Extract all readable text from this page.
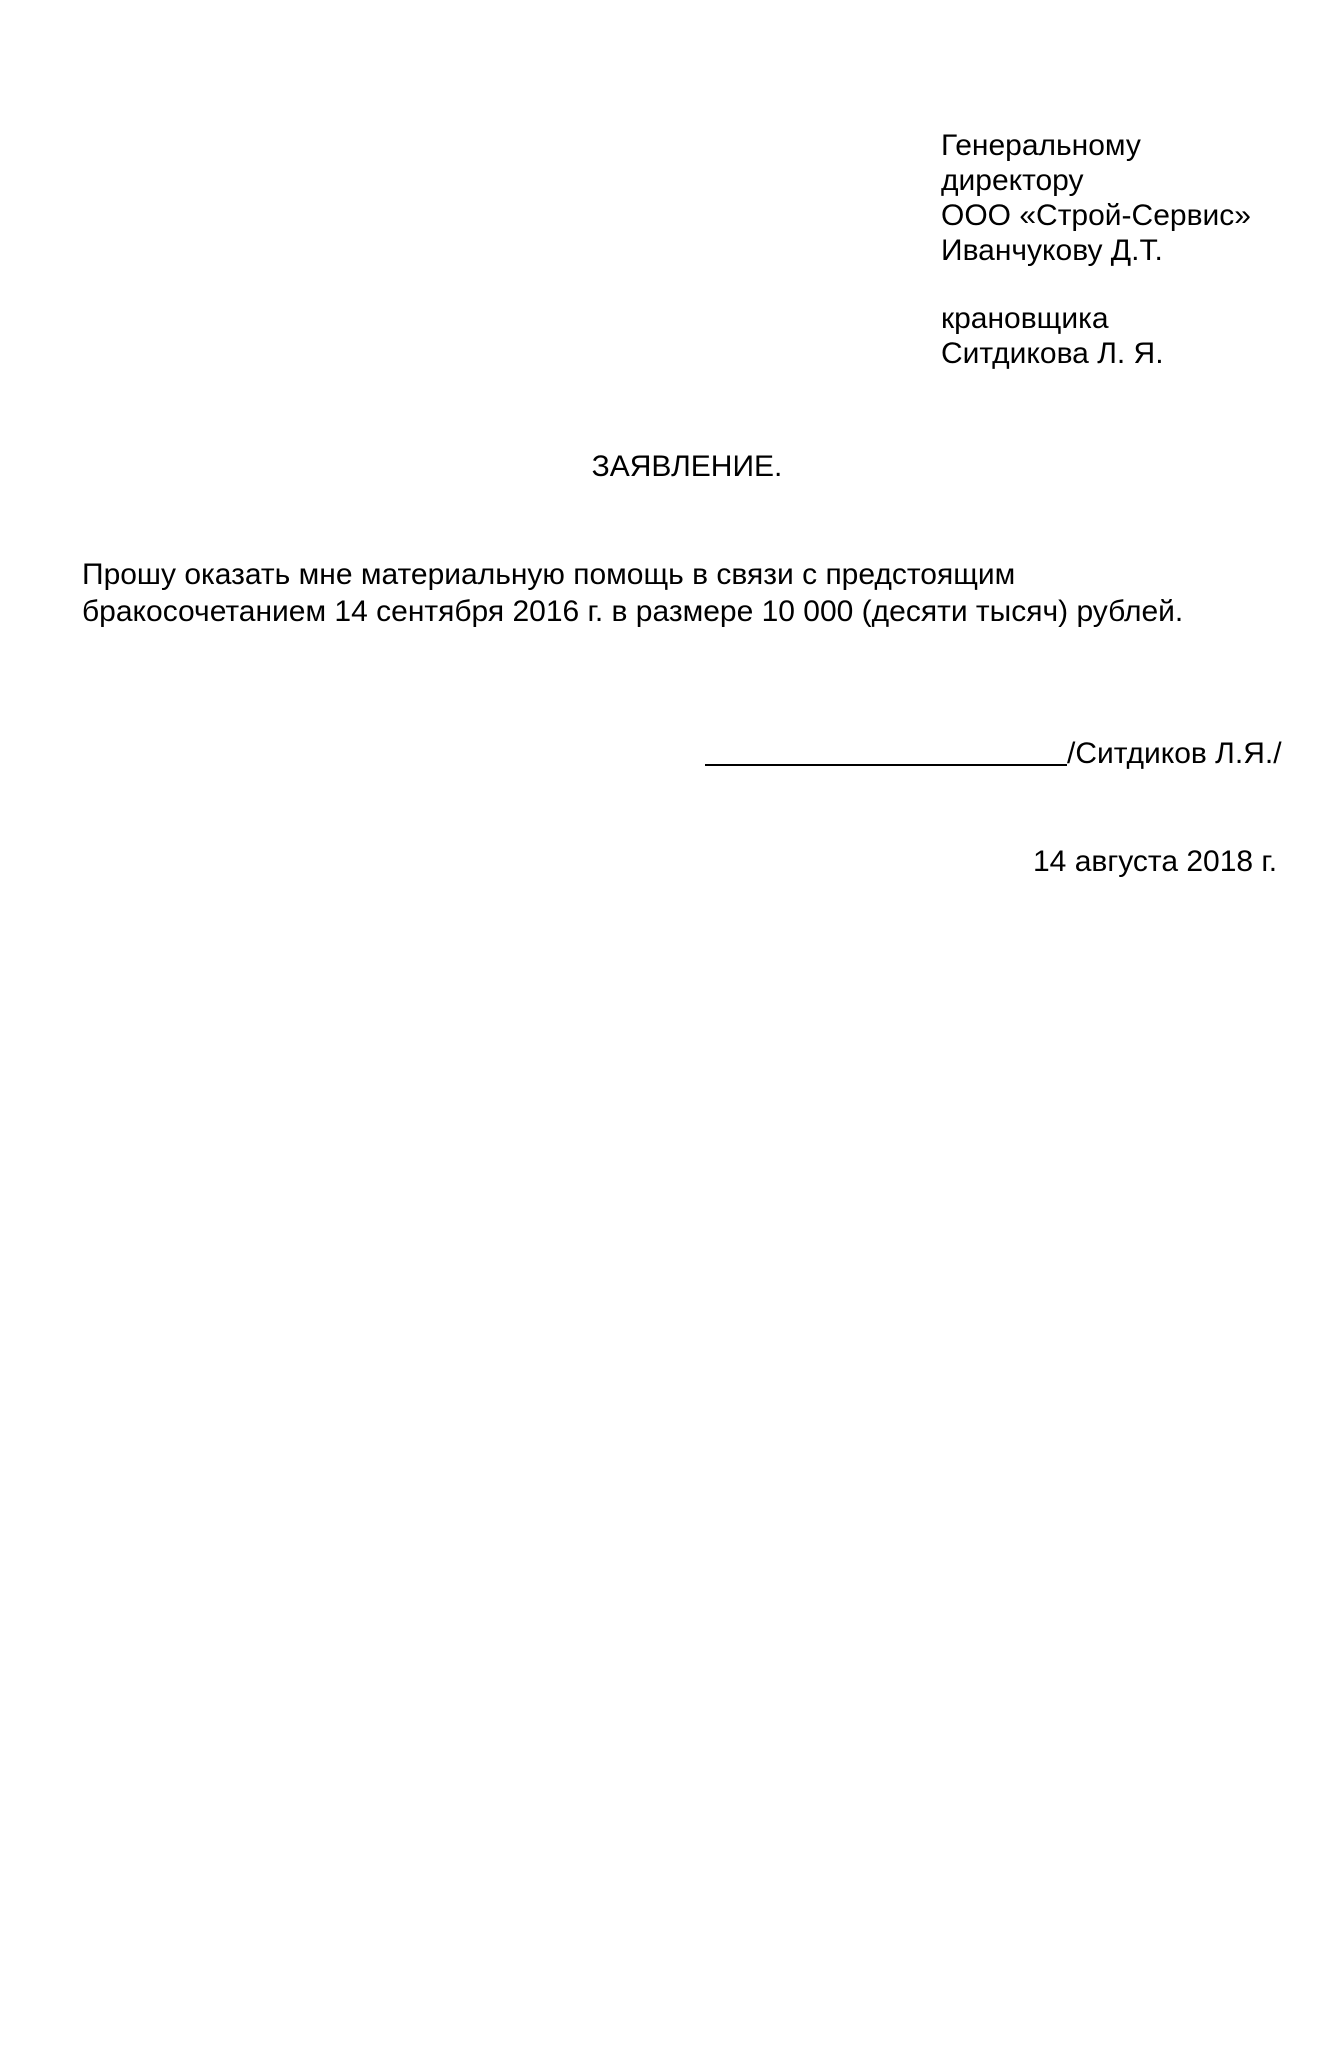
Генеральному
директору
ООО «Строй-Сервис»
Иванчукову Д.Т.
крановщика
Ситдикова Л. Я.
ЗАЯВЛЕНИЕ.
Прошу оказать мне материальную помощь в связи с предстоящим
бракосочетанием 14 сентября 2016 г. в размере 10 000 (десяти тысяч) рублей.
/Ситдиков Л.Я./
14 августа 2018 г.
